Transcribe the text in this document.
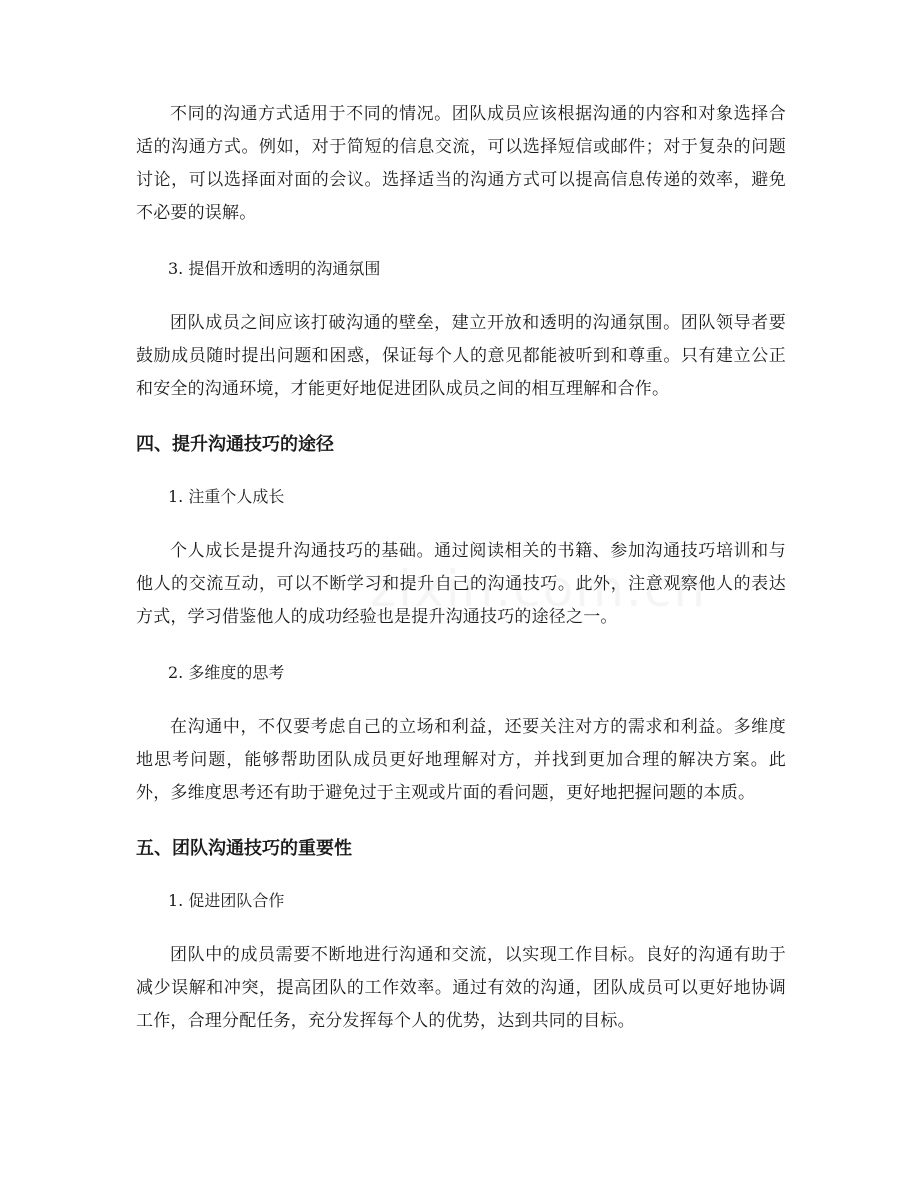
不同的沟通方式适用于不同的情况。团队成员应该根据沟通的内容和对象选择合适的沟通方式。例如，对于简短的信息交流，可以选择短信或邮件；对于复杂的问题讨论，可以选择面对面的会议。选择适当的沟通方式可以提高信息传递的效率，避免不必要的误解。

3. 提倡开放和透明的沟通氛围

团队成员之间应该打破沟通的壁垒，建立开放和透明的沟通氛围。团队领导者要鼓励成员随时提出问题和困惑，保证每个人的意见都能被听到和尊重。只有建立公正和安全的沟通环境，才能更好地促进团队成员之间的相互理解和合作。

四、提升沟通技巧的途径

1. 注重个人成长

个人成长是提升沟通技巧的基础。通过阅读相关的书籍、参加沟通技巧培训和与他人的交流互动，可以不断学习和提升自己的沟通技巧。此外，注意观察他人的表达方式，学习借鉴他人的成功经验也是提升沟通技巧的途径之一。

2. 多维度的思考

在沟通中，不仅要考虑自己的立场和利益，还要关注对方的需求和利益。多维度地思考问题，能够帮助团队成员更好地理解对方，并找到更加合理的解决方案。此外，多维度思考还有助于避免过于主观或片面的看问题，更好地把握问题的本质。

五、团队沟通技巧的重要性

1. 促进团队合作

团队中的成员需要不断地进行沟通和交流，以实现工作目标。良好的沟通有助于减少误解和冲突，提高团队的工作效率。通过有效的沟通，团队成员可以更好地协调工作，合理分配任务，充分发挥每个人的优势，达到共同的目标。
